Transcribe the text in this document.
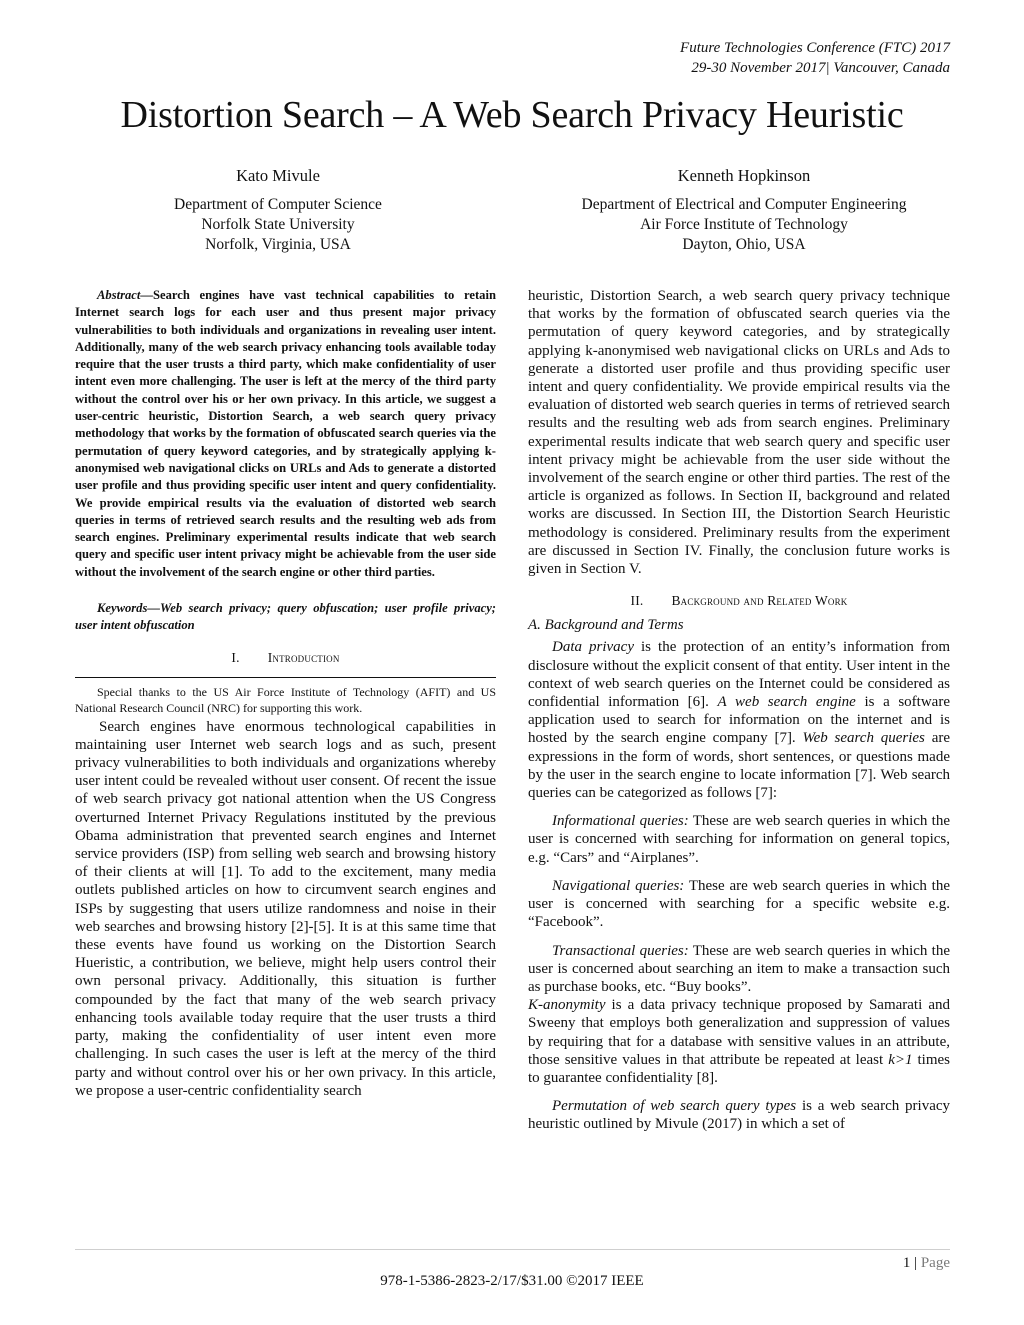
Future Technologies Conference (FTC) 2017
29-30 November 2017| Vancouver, Canada
Distortion Search – A Web Search Privacy Heuristic
Kato Mivule
Department of Computer Science
Norfolk State University
Norfolk, Virginia, USA
Kenneth Hopkinson
Department of Electrical and Computer Engineering
Air Force Institute of Technology
Dayton, Ohio, USA

Abstract—Search engines have vast technical capabilities to retain Internet search logs for each user and thus present major privacy vulnerabilities to both individuals and organizations in revealing user intent. Additionally, many of the web search privacy enhancing tools available today require that the user trusts a third party, which make confidentiality of user intent even more challenging. The user is left at the mercy of the third party without the control over his or her own privacy. In this article, we suggest a user-centric heuristic, Distortion Search, a web search query privacy methodology that works by the formation of obfuscated search queries via the permutation of query keyword categories, and by strategically applying k-anonymised web navigational clicks on URLs and Ads to generate a distorted user profile and thus providing specific user intent and query confidentiality. We provide empirical results via the evaluation of distorted web search queries in terms of retrieved search results and the resulting web ads from search engines. Preliminary experimental results indicate that web search query and specific user intent privacy might be achievable from the user side without the involvement of the search engine or other third parties.

Keywords—Web search privacy; query obfuscation; user profile privacy; user intent obfuscation

I. Introduction

Special thanks to the US Air Force Institute of Technology (AFIT) and US National Research Council (NRC) for supporting this work.

Search engines have enormous technological capabilities in maintaining user Internet web search logs and as such, present privacy vulnerabilities to both individuals and organizations whereby user intent could be revealed without user consent. Of recent the issue of web search privacy got national attention when the US Congress overturned Internet Privacy Regulations instituted by the previous Obama administration that prevented search engines and Internet service providers (ISP) from selling web search and browsing history of their clients at will [1]. To add to the excitement, many media outlets published articles on how to circumvent search engines and ISPs by suggesting that users utilize randomness and noise in their web searches and browsing history [2]-[5]. It is at this same time that these events have found us working on the Distortion Search Hueristic, a contribution, we believe, might help users control their own personal privacy. Additionally, this situation is further compounded by the fact that many of the web search privacy enhancing tools available today require that the user trusts a third party, making the confidentiality of user intent even more challenging. In such cases the user is left at the mercy of the third party and without control over his or her own privacy. In this article, we propose a user-centric confidentiality search

heuristic, Distortion Search, a web search query privacy technique that works by the formation of obfuscated search queries via the permutation of query keyword categories, and by strategically applying k-anonymised web navigational clicks on URLs and Ads to generate a distorted user profile and thus providing specific user intent and query confidentiality. We provide empirical results via the evaluation of distorted web search queries in terms of retrieved search results and the resulting web ads from search engines. Preliminary experimental results indicate that web search query and specific user intent privacy might be achievable from the user side without the involvement of the search engine or other third parties. The rest of the article is organized as follows. In Section II, background and related works are discussed. In Section III, the Distortion Search Heuristic methodology is considered. Preliminary results from the experiment are discussed in Section IV. Finally, the conclusion future works is given in Section V.

II. Background and Related Work

A. Background and Terms

Data privacy is the protection of an entity’s information from disclosure without the explicit consent of that entity. User intent in the context of web search queries on the Internet could be considered as confidential information [6]. A web search engine is a software application used to search for information on the internet and is hosted by the search engine company [7]. Web search queries are expressions in the form of words, short sentences, or questions made by the user in the search engine to locate information [7]. Web search queries can be categorized as follows [7]:

Informational queries: These are web search queries in which the user is concerned with searching for information on general topics, e.g. “Cars” and “Airplanes”.

Navigational queries: These are web search queries in which the user is concerned with searching for a specific website e.g. “Facebook”.

Transactional queries: These are web search queries in which the user is concerned about searching an item to make a transaction such as purchase books, etc. “Buy books”.

K-anonymity is a data privacy technique proposed by Samarati and Sweeny that employs both generalization and suppression of values by requiring that for a database with sensitive values in an attribute, those sensitive values in that attribute be repeated at least k>1 times to guarantee confidentiality [8].

Permutation of web search query types is a web search privacy heuristic outlined by Mivule (2017) in which a set of

1 | Page
978-1-5386-2823-2/17/$31.00 ©2017 IEEE
